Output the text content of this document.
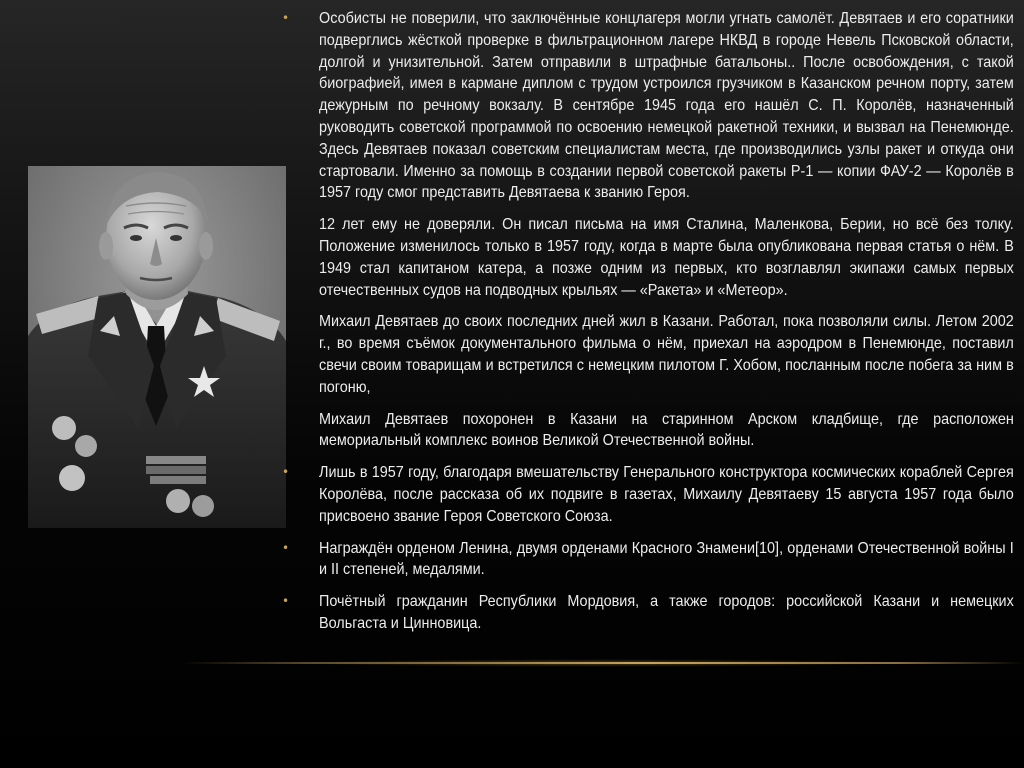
•	Особисты не поверили, что заключённые концлагеря могли угнать самолёт. Девятаев и его соратники подверглись жёсткой проверке в фильтрационном лагере НКВД в городе Невель Псковской области, долгой и унизительной. Затем отправили в штрафные батальоны.. После освобождения, с такой биографией, имея в кармане диплом с трудом устроился грузчиком в Казанском речном порту, затем дежурным по речному вокзалу. В сентябре 1945 года его нашёл С. П. Королёв, назначенный руководить советской программой по освоению немецкой ракетной техники, и вызвал на Пенемюнде. Здесь Девятаев показал советским специалистам места, где производились узлы ракет и откуда они стартовали. Именно за помощь в создании первой советской ракеты Р-1 — копии ФАУ-2 — Королёв в 1957 году смог представить Девятаева к званию Героя.

12 лет ему не доверяли. Он писал письма на имя Сталина, Маленкова, Берии, но всё без толку. Положение изменилось только в 1957 году, когда в марте была опубликована первая статья о нём. В 1949 стал капитаном катера, а позже одним из первых, кто возглавлял экипажи самых первых отечественных судов на подводных крыльях — «Ракета» и «Метеор».

Михаил Девятаев до своих последних дней жил в Казани. Работал, пока позволяли силы. Летом 2002 г., во время съёмок документального фильма о нём, приехал на аэродром в Пенемюнде, поставил свечи своим товарищам и встретился с немецким пилотом Г. Хобом, посланным после побега за ним в погоню,

Михаил Девятаев похоронен в Казани на старинном Арском кладбище, где расположен мемориальный комплекс воинов Великой Отечественной войны.

•	Лишь в 1957 году, благодаря вмешательству Генерального конструктора космических кораблей Сергея Королёва, после рассказа об их подвиге в газетах, Михаилу Девятаеву 15 августа 1957 года было присвоено звание Героя Советского Союза.

•	Награждён орденом Ленина, двумя орденами Красного Знамени[10], орденами Отечественной войны I и II степеней, медалями.

•	Почётный гражданин Республики Мордовия, а также городов: российской Казани и немецких Вольгаста и Цинновица.
